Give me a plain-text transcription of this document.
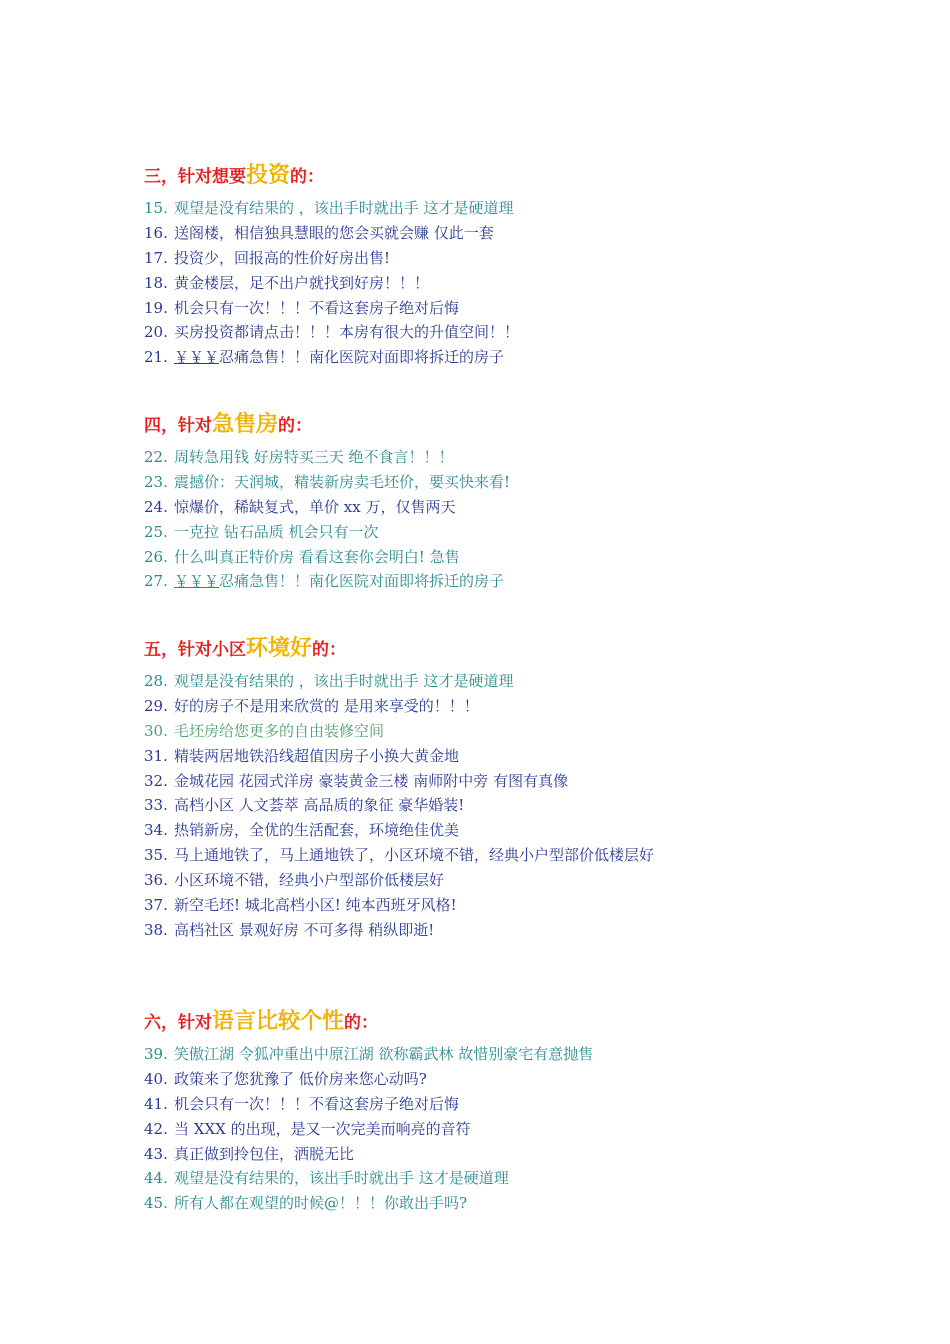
三，针对想要投资的：
15. 观望是没有结果的 ，该出手时就出手 这才是硬道理
16. 送阁楼，相信独具慧眼的您会买就会赚 仅此一套
17. 投资少，回报高的性价好房出售!
18. 黄金楼层，足不出户就找到好房！！！
19. 机会只有一次！！！不看这套房子绝对后悔
20. 买房投资都请点击！！！本房有很大的升值空间！！
21. ￥￥￥忍痛急售！！南化医院对面即将拆迁的房子
四，针对急售房的：
22. 周转急用钱 好房特买三天 绝不食言！！！
23. 震撼价：天润城，精装新房卖毛坯价，要买快来看!
24. 惊爆价，稀缺复式，单价 xx 万，仅售两天
25. 一克拉 钻石品质 机会只有一次
26. 什么叫真正特价房 看看这套你会明白! 急售
27. ￥￥￥忍痛急售！！南化医院对面即将拆迁的房子
五，针对小区环境好的：
28. 观望是没有结果的 ，该出手时就出手 这才是硬道理
29. 好的房子不是用来欣赏的 是用来享受的！！！
30. 毛坯房给您更多的自由装修空间
31. 精装两居地铁沿线超值因房子小换大黄金地
32. 金城花园 花园式洋房 豪装黄金三楼 南师附中旁 有图有真像
33. 高档小区 人文荟萃 高品质的象征 豪华婚装!
34. 热销新房，全优的生活配套，环境绝佳优美
35. 马上通地铁了，马上通地铁了，小区环境不错，经典小户型部价低楼层好
36. 小区环境不错，经典小户型部价低楼层好
37. 新空毛坯! 城北高档小区! 纯本西班牙风格!
38. 高档社区 景观好房 不可多得 稍纵即逝!
六，针对语言比较个性的：
39. 笑傲江湖 令狐冲重出中原江湖 欲称霸武林 故惜别豪宅有意抛售
40. 政策来了您犹豫了 低价房来您心动吗?
41. 机会只有一次！！！不看这套房子绝对后悔
42. 当 XXX 的出现，是又一次完美而响亮的音符
43. 真正做到拎包住，洒脱无比
44. 观望是没有结果的，该出手时就出手 这才是硬道理
45. 所有人都在观望的时候@！！！你敢出手吗?
